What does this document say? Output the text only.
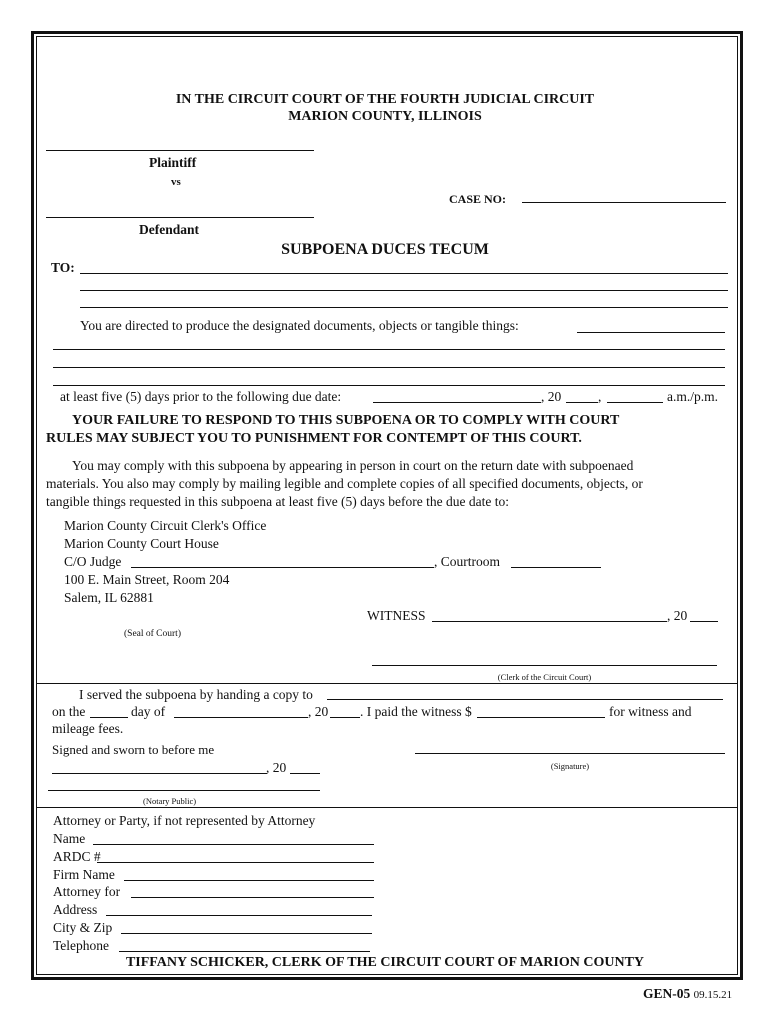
IN THE CIRCUIT COURT OF THE FOURTH JUDICIAL CIRCUIT
MARION COUNTY, ILLINOIS
Plaintiff
vs
CASE NO:
Defendant
SUBPOENA DUCES TECUM
TO:
You are directed to produce the designated documents, objects or tangible things:
at least five (5) days prior to the following due date:	, 20	,	a.m./p.m.
YOUR FAILURE TO RESPOND TO THIS SUBPOENA OR TO COMPLY WITH COURT
RULES MAY SUBJECT YOU TO PUNISHMENT FOR CONTEMPT OF THIS COURT.
You may comply with this subpoena by appearing in person in court on the return date with subpoenaed
materials. You also may comply by mailing legible and complete copies of all specified documents, objects, or
tangible things requested in this subpoena at least five (5) days before the due date to:
Marion County Circuit Clerk's Office
Marion County Court House
C/O Judge	, Courtroom
100 E. Main Street, Room 204
Salem, IL 62881
WITNESS	, 20
(Seal of Court)
(Clerk of the Circuit Court)
I served the subpoena by handing a copy to
on the	day of	, 20 . I paid the witness $	for witness and
mileage fees.
Signed and sworn to before me
(Signature)
, 20
(Notary Public)
Attorney or Party, if not represented by Attorney
Name
ARDC #
Firm Name
Attorney for
Address
City & Zip
Telephone
TIFFANY SCHICKER, CLERK OF THE CIRCUIT COURT OF MARION COUNTY
GEN-05 09.15.21
